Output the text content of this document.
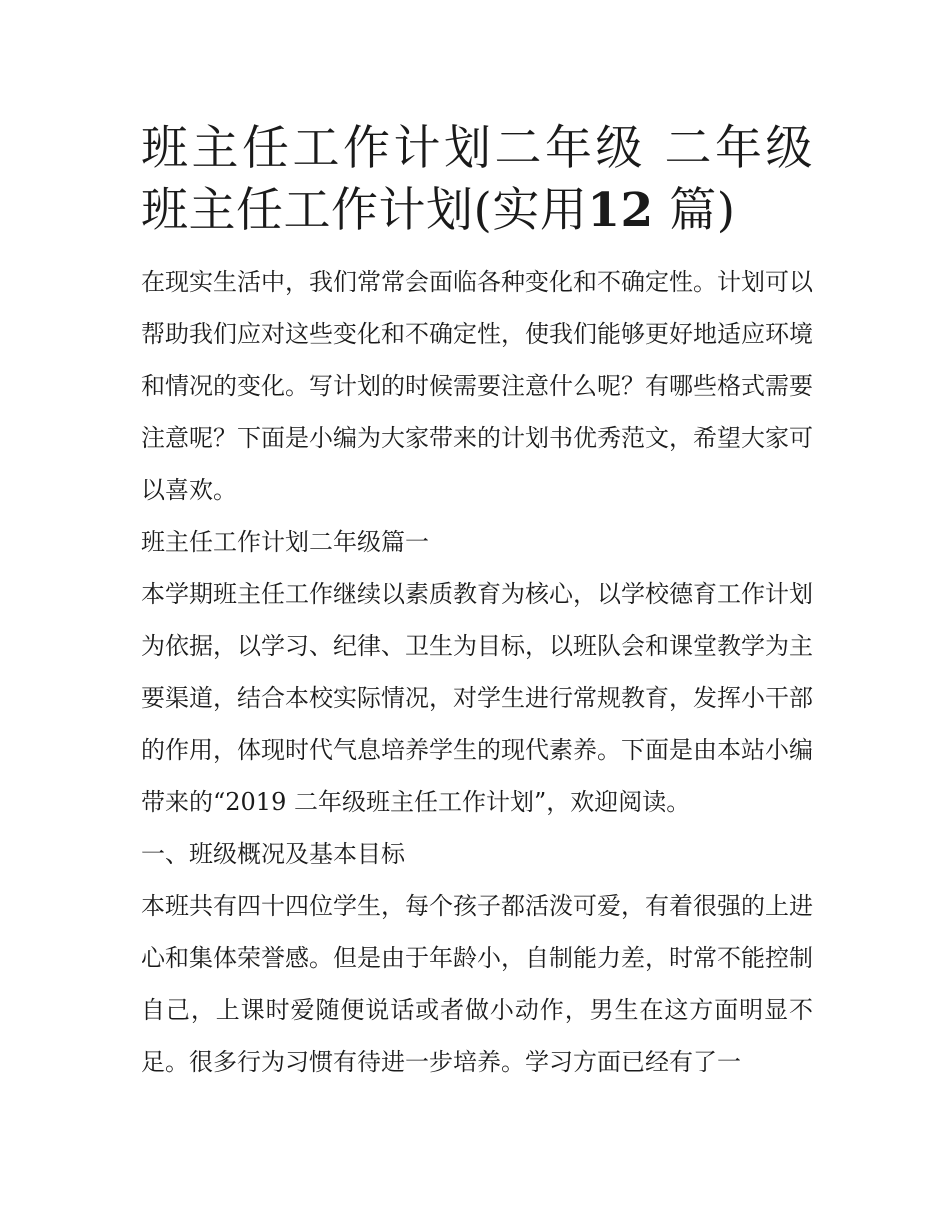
班主任工作计划二年级 二年级班主任工作计划(实用12 篇)

在现实生活中，我们常常会面临各种变化和不确定性。计划可以帮助我们应对这些变化和不确定性，使我们能够更好地适应环境和情况的变化。写计划的时候需要注意什么呢？有哪些格式需要注意呢？下面是小编为大家带来的计划书优秀范文，希望大家可以喜欢。

班主任工作计划二年级篇一

本学期班主任工作继续以素质教育为核心，以学校德育工作计划为依据，以学习、纪律、卫生为目标，以班队会和课堂教学为主要渠道，结合本校实际情况，对学生进行常规教育，发挥小干部的作用，体现时代气息培养学生的现代素养。下面是由本站小编带来的“2019 二年级班主任工作计划”，欢迎阅读。

一、班级概况及基本目标

本班共有四十四位学生，每个孩子都活泼可爱，有着很强的上进心和集体荣誉感。但是由于年龄小，自制能力差，时常不能控制自己，上课时爱随便说话或者做小动作，男生在这方面明显不足。很多行为习惯有待进一步培养。学习方面已经有了一
